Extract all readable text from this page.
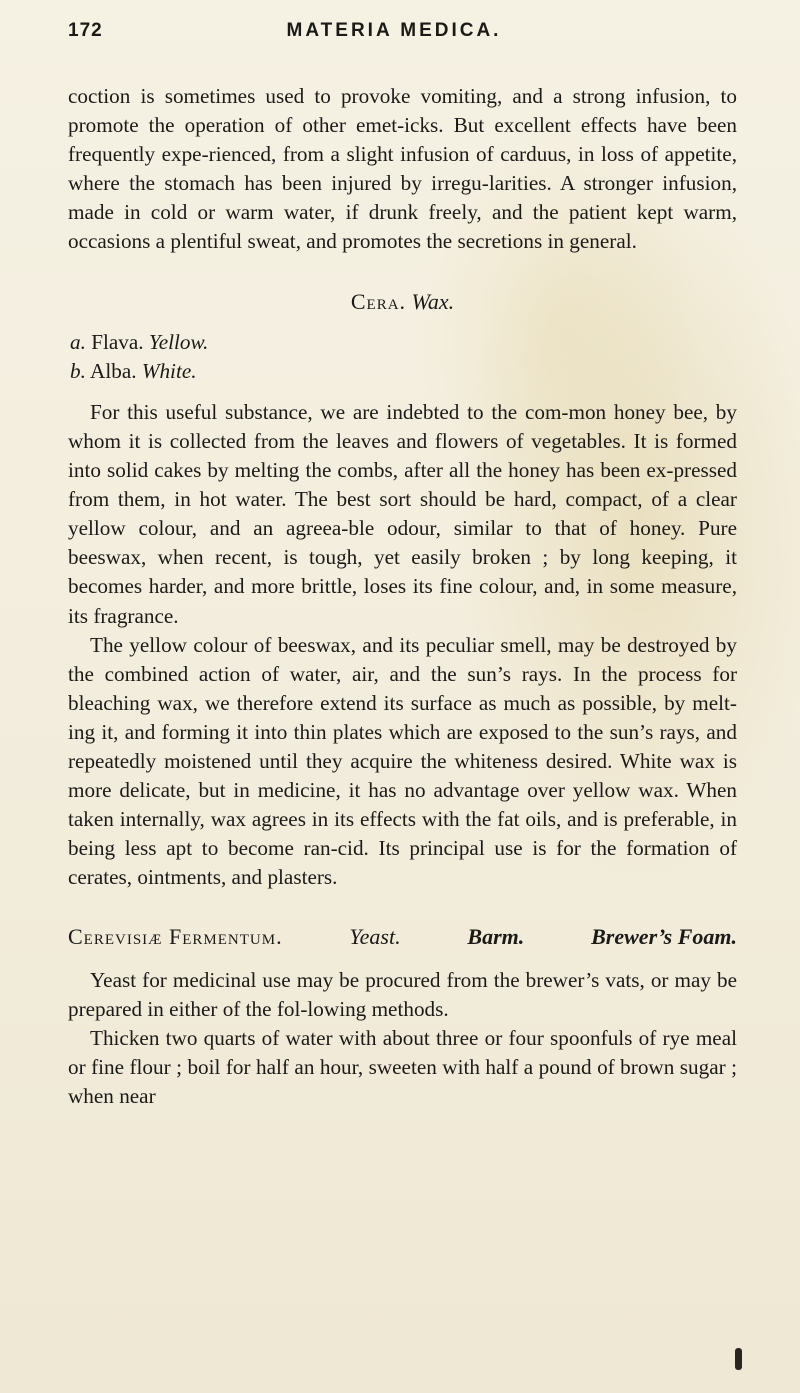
172	MATERIA MEDICA.

coction is sometimes used to provoke vomiting, and a strong infusion, to promote the operation of other emet-icks. But excellent effects have been frequently expe-rienced, from a slight infusion of carduus, in loss of appetite, where the stomach has been injured by irregu-larities. A stronger infusion, made in cold or warm water, if drunk freely, and the patient kept warm, occasions a plentiful sweat, and promotes the secretions in general.

Cera. Wax.

a. Flava. Yellow.

b. Alba. White.

For this useful substance, we are indebted to the com-mon honey bee, by whom it is collected from the leaves and flowers of vegetables. It is formed into solid cakes by melting the combs, after all the honey has been ex-pressed from them, in hot water. The best sort should be hard, compact, of a clear yellow colour, and an agreea-ble odour, similar to that of honey. Pure beeswax, when recent, is tough, yet easily broken ; by long keeping, it becomes harder, and more brittle, loses its fine colour, and, in some measure, its fragrance.

The yellow colour of beeswax, and its peculiar smell, may be destroyed by the combined action of water, air, and the sun’s rays. In the process for bleaching wax, we therefore extend its surface as much as possible, by melt-ing it, and forming it into thin plates which are exposed to the sun’s rays, and repeatedly moistened until they acquire the whiteness desired. White wax is more delicate, but in medicine, it has no advantage over yellow wax. When taken internally, wax agrees in its effects with the fat oils, and is preferable, in being less apt to become ran-cid. Its principal use is for the formation of cerates, ointments, and plasters.

Cerevisiæ Fermentum.	Yeast.	Barm.	Brewer’s Foam.

Yeast for medicinal use may be procured from the brewer’s vats, or may be prepared in either of the fol-lowing methods.

Thicken two quarts of water with about three or four spoonfuls of rye meal or fine flour ; boil for half an hour, sweeten with half a pound of brown sugar ; when near
